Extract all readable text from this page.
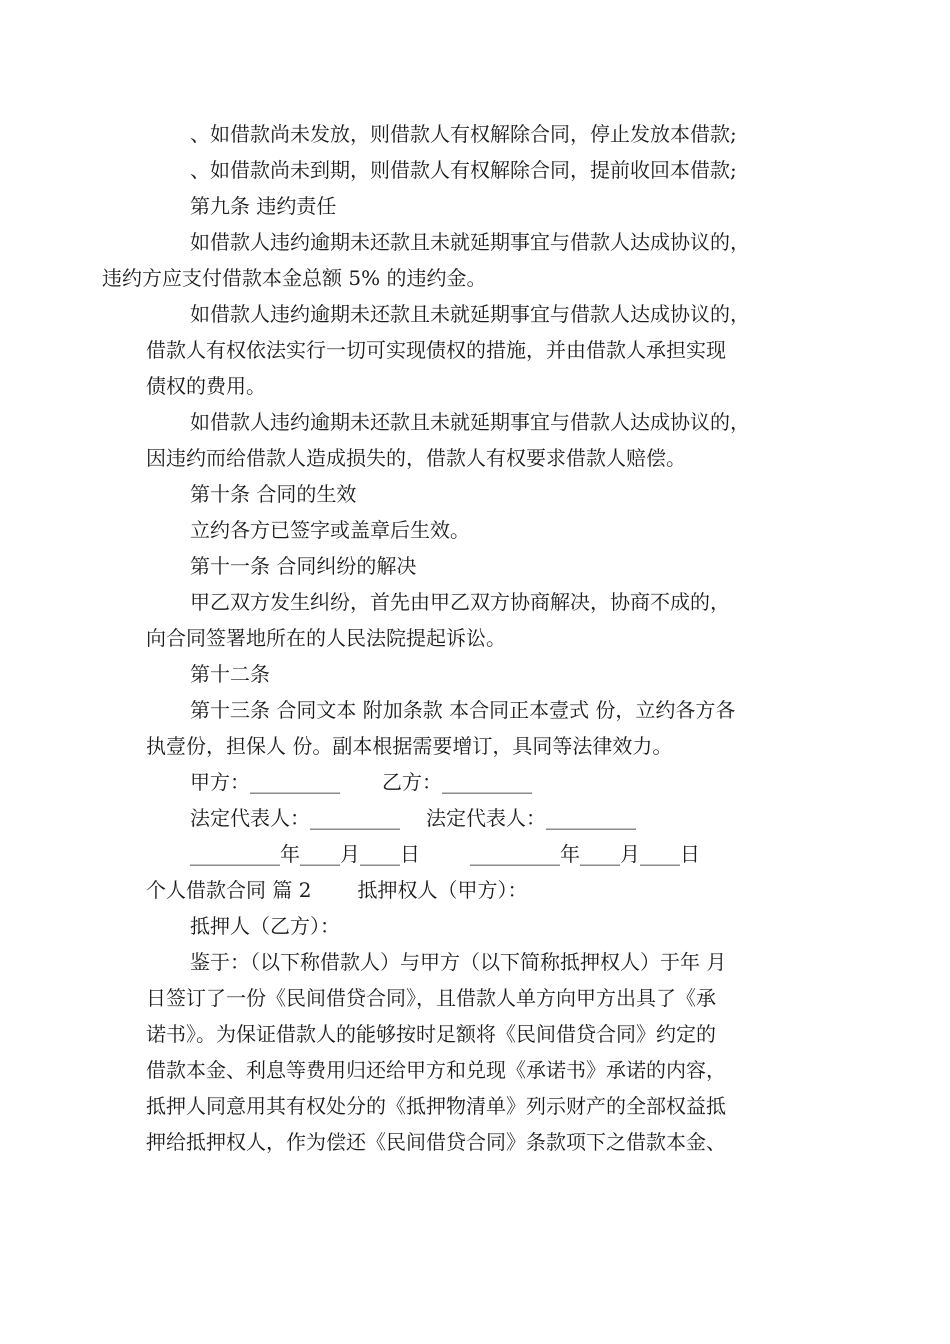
、如借款尚未发放，则借款人有权解除合同，停止发放本借款;

、如借款尚未到期，则借款人有权解除合同，提前收回本借款;

第九条 违约责任

如借款人违约逾期未还款且未就延期事宜与借款人达成协议的，
违约方应支付借款本金总额 5% 的违约金。

如借款人违约逾期未还款且未就延期事宜与借款人达成协议的，
借款人有权依法实行一切可实现债权的措施，并由借款人承担实现
债权的费用。

如借款人违约逾期未还款且未就延期事宜与借款人达成协议的，
因违约而给借款人造成损失的，借款人有权要求借款人赔偿。

第十条 合同的生效

立约各方已签字或盖章后生效。

第十一条 合同纠纷的解决

甲乙双方发生纠纷，首先由甲乙双方协商解决，协商不成的，
向合同签署地所在的人民法院提起诉讼。

第十二条

第十三条 合同文本 附加条款 本合同正本壹式 份，立约各方各
执壹份，担保人 份。副本根据需要增订，具同等法律效力。

甲方：_________ 乙方：_________

法定代表人：_________ 法定代表人：_________

_________年____月____日	_________年____月____日

个人借款合同 篇 2 抵押权人（甲方）：

抵押人（乙方）：

鉴于：（以下称借款人）与甲方（以下简称抵押权人）于年 月
日签订了一份《民间借贷合同》，且借款人单方向甲方出具了《承
诺书》。为保证借款人的能够按时足额将《民间借贷合同》约定的
借款本金、利息等费用归还给甲方和兑现《承诺书》承诺的内容，
抵押人同意用其有权处分的《抵押物清单》列示财产的全部权益抵
押给抵押权人，作为偿还《民间借贷合同》条款项下之借款本金、
